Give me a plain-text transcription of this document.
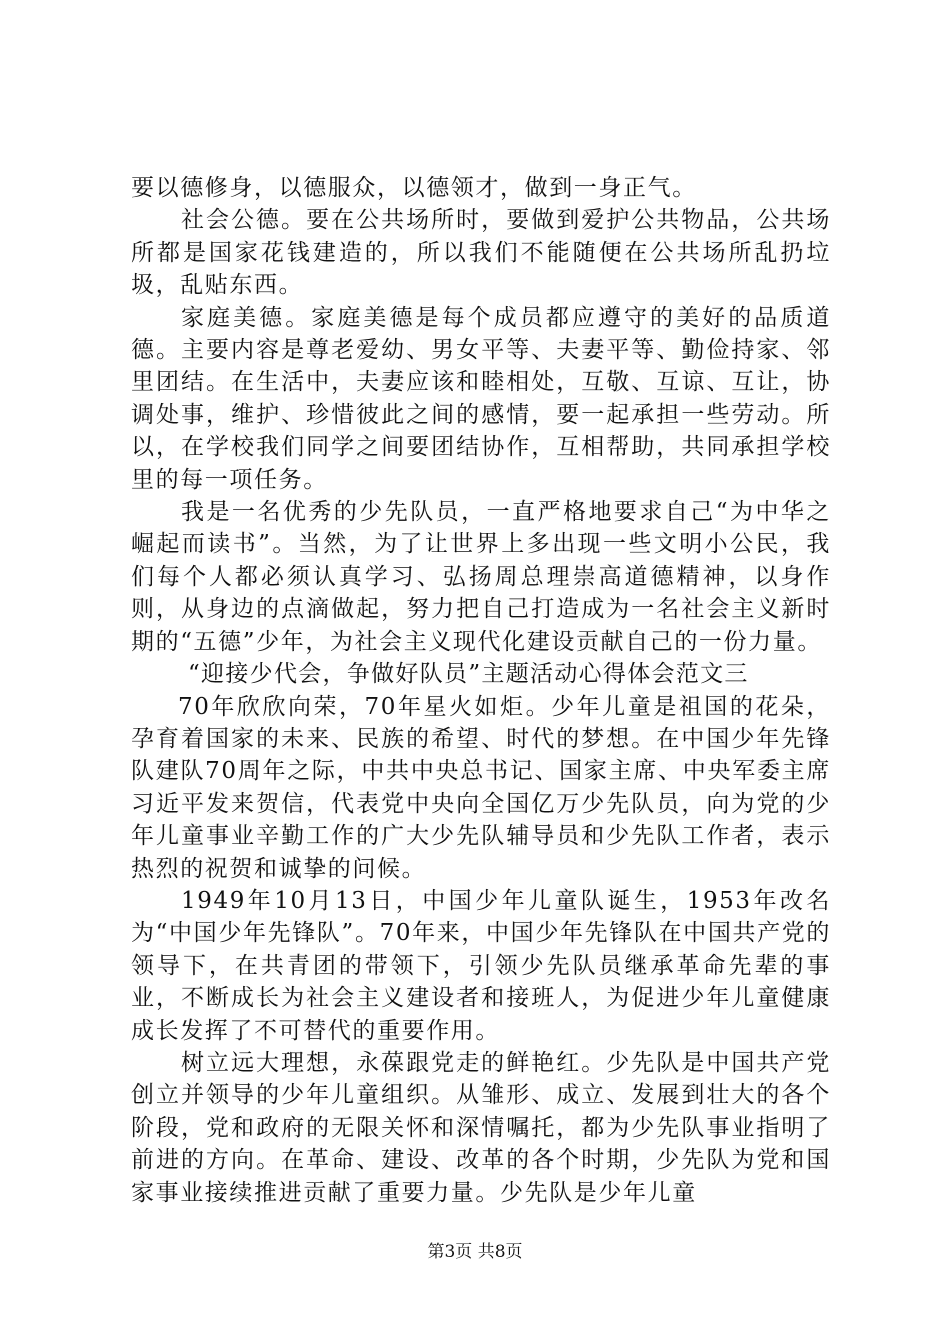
要以德修身，以德服众，以德领才，做到一身正气。

社会公德。要在公共场所时，要做到爱护公共物品，公共场所都是国家花钱建造的，所以我们不能随便在公共场所乱扔垃圾，乱贴东西。

家庭美德。家庭美德是每个成员都应遵守的美好的品质道德。主要内容是尊老爱幼、男女平等、夫妻平等、勤俭持家、邻里团结。在生活中，夫妻应该和睦相处，互敬、互谅、互让，协调处事，维护、珍惜彼此之间的感情，要一起承担一些劳动。所以，在学校我们同学之间要团结协作，互相帮助，共同承担学校里的每一项任务。

我是一名优秀的少先队员，一直严格地要求自己“为中华之崛起而读书”。当然，为了让世界上多出现一些文明小公民，我们每个人都必须认真学习、弘扬周总理崇高道德精神，以身作则，从身边的点滴做起，努力把自己打造成为一名社会主义新时期的“五德”少年，为社会主义现代化建设贡献自己的一份力量。

“迎接少代会，争做好队员”主题活动心得体会范文三

70年欣欣向荣，70年星火如炬。少年儿童是祖国的花朵，孕育着国家的未来、民族的希望、时代的梦想。在中国少年先锋队建队70周年之际，中共中央总书记、国家主席、中央军委主席习近平发来贺信，代表党中央向全国亿万少先队员，向为党的少年儿童事业辛勤工作的广大少先队辅导员和少先队工作者，表示热烈的祝贺和诚挚的问候。

1949年10月13日，中国少年儿童队诞生，1953年改名为“中国少年先锋队”。70年来，中国少年先锋队在中国共产党的领导下，在共青团的带领下，引领少先队员继承革命先辈的事业，不断成长为社会主义建设者和接班人，为促进少年儿童健康成长发挥了不可替代的重要作用。

树立远大理想，永葆跟党走的鲜艳红。少先队是中国共产党创立并领导的少年儿童组织。从雏形、成立、发展到壮大的各个阶段，党和政府的无限关怀和深情嘱托，都为少先队事业指明了前进的方向。在革命、建设、改革的各个时期，少先队为党和国家事业接续推进贡献了重要力量。少先队是少年儿童

第3页 共8页
